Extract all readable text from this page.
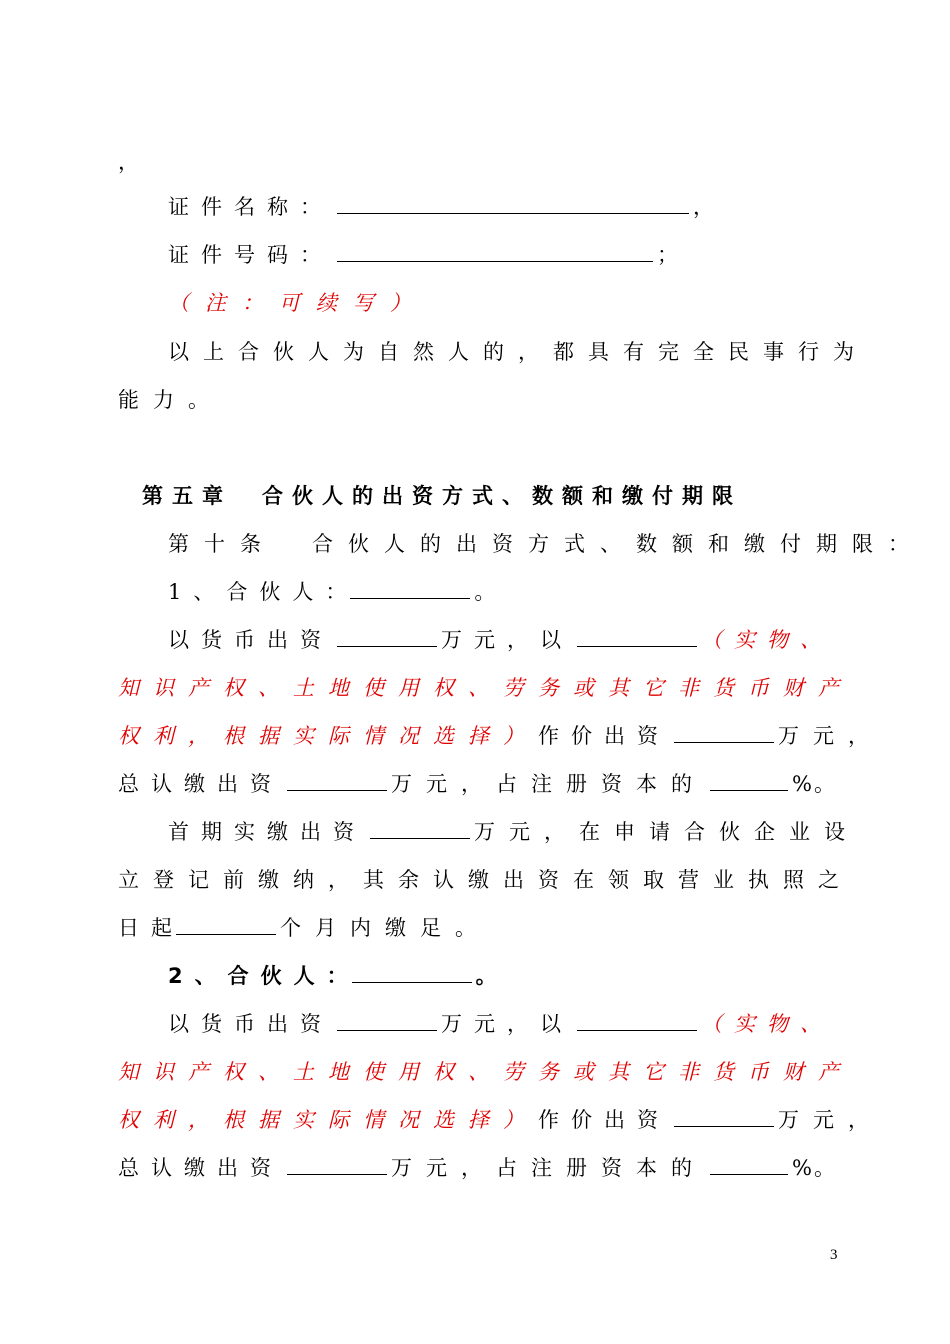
，
证件名称：	，
证件号码：	；
（注：可续写）
以上合伙人为自然人的，都具有完全民事行为
能力。
第五章　合伙人的出资方式、数额和缴付期限
第十条　合伙人的出资方式、数额和缴付期限：
1、合伙人：	。
以货币出资	万元，以	（实物、
知识产权、土地使用权、劳务或其它非货币财产
权利，根据实际情况选择）作价出资	万元，
总认缴出资	万元，占注册资本的	%。
首期实缴出资	万元，在申请合伙企业设
立登记前缴纳，其余认缴出资在领取营业执照之
日起	个月内缴足。
2、合伙人：	。
以货币出资	万元，以	（实物、
知识产权、土地使用权、劳务或其它非货币财产
权利，根据实际情况选择）作价出资	万元，
总认缴出资	万元，占注册资本的	%。
3
